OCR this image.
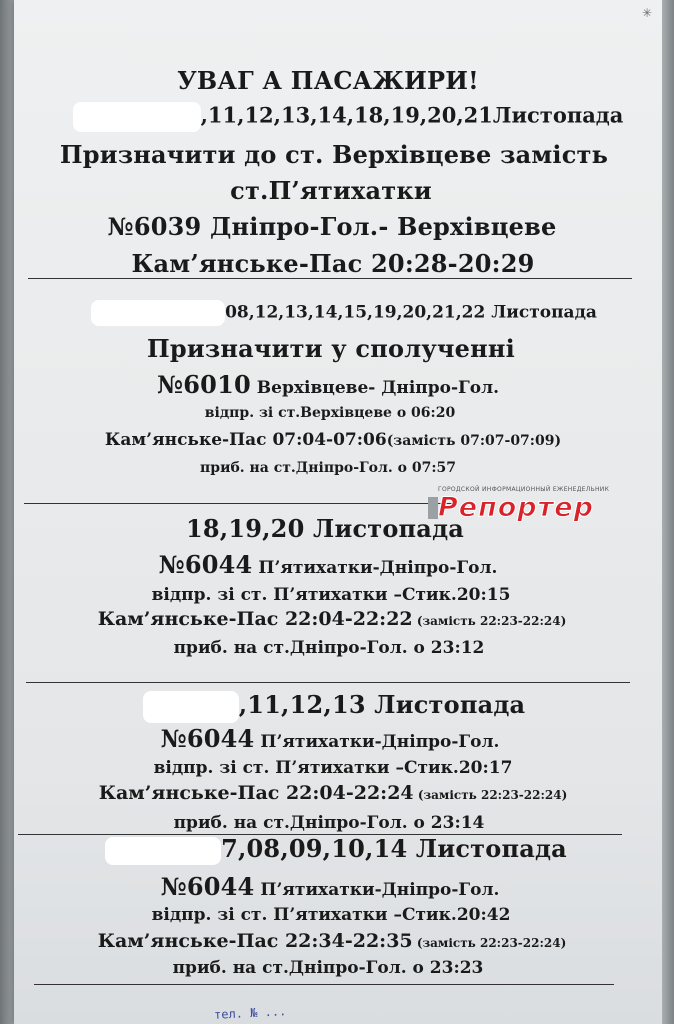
✳
УВАГ А ПАСАЖИРИ!
,11,12,13,14,18,19,20,21Листопада
Призначити до ст. Верхівцеве замість
ст.П’ятихатки
№6039 Дніпро-Гол.- Верхівцеве
Кам’янське-Пас 20:28-20:29
08,12,13,14,15,19,20,21,22 Листопада
Призначити у сполученні
№6010 Верхівцеве- Дніпро-Гол.
відпр. зі ст.Верхівцеве о 06:20
Кам’янське-Пас 07:04-07:06(замість 07:07-07:09)
приб. на ст.Дніпро-Гол. о 07:57
ГОРОДСКОЙ ИНФОРМАЦИОННЫЙ ЕЖЕНЕДЕЛЬНИК
Репортер
18,19,20 Листопада
№6044 П’ятихатки-Дніпро-Гол.
відпр. зі ст. П’ятихатки –Стик.20:15
Кам’янське-Пас 22:04-22:22 (замість 22:23-22:24)
приб. на ст.Дніпро-Гол. о 23:12
,11,12,13 Листопада
№6044 П’ятихатки-Дніпро-Гол.
відпр. зі ст. П’ятихатки –Стик.20:17
Кам’янське-Пас 22:04-22:24 (замість 22:23-22:24)
приб. на ст.Дніпро-Гол. о 23:14
7,08,09,10,14 Листопада
№6044 П’ятихатки-Дніпро-Гол.
відпр. зі ст. П’ятихатки –Стик.20:42
Кам’янське-Пас 22:34-22:35 (замість 22:23-22:24)
приб. на ст.Дніпро-Гол. о 23:23
тел. № ...
